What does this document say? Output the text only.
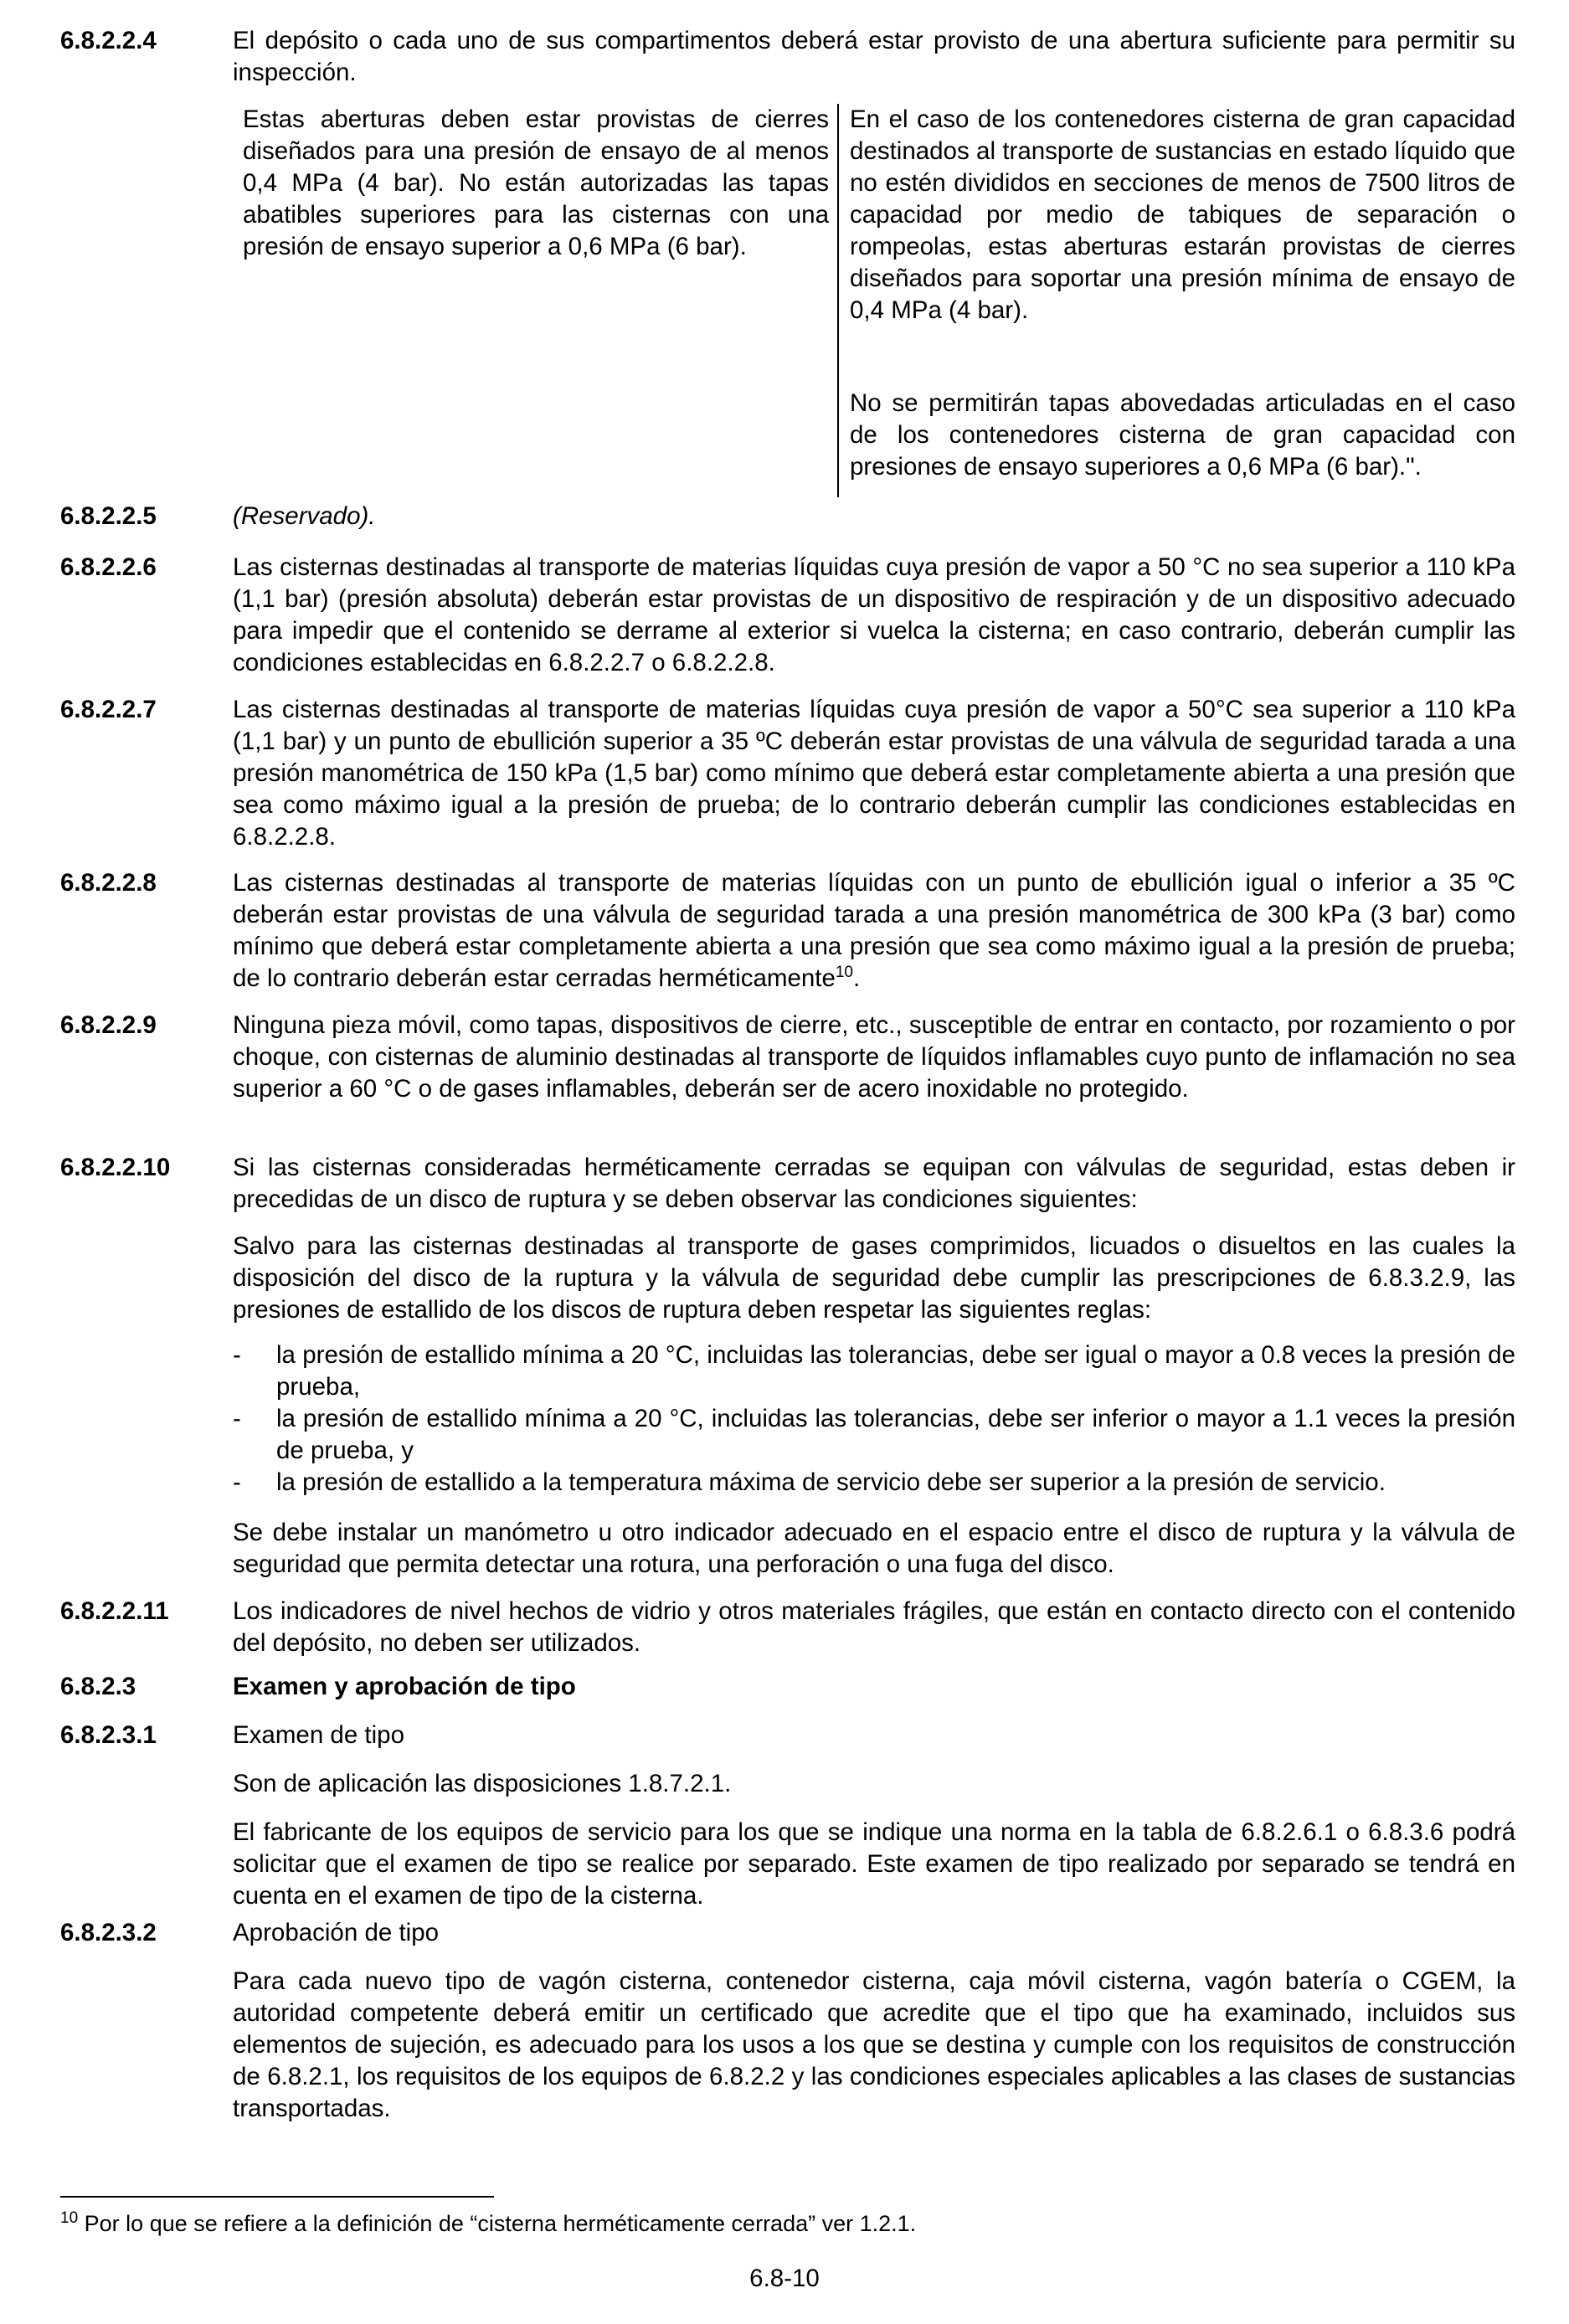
6.8.2.2.4	El depósito o cada uno de sus compartimentos deberá estar provisto de una abertura suficiente para permitir su inspección.
Estas aberturas deben estar provistas de cierres diseñados para una presión de ensayo de al menos 0,4 MPa (4 bar). No están autorizadas las tapas abatibles superiores para las cisternas con una presión de ensayo superior a 0,6 MPa (6 bar).
En el caso de los contenedores cisterna de gran capacidad destinados al transporte de sustancias en estado líquido que no estén divididos en secciones de menos de 7500 litros de capacidad por medio de tabiques de separación o rompeolas, estas aberturas estarán provistas de cierres diseñados para soportar una presión mínima de ensayo de 0,4 MPa (4 bar).
No se permitirán tapas abovedadas articuladas en el caso de los contenedores cisterna de gran capacidad con presiones de ensayo superiores a 0,6 MPa (6 bar).".
6.8.2.2.5	(Reservado).
6.8.2.2.6	Las cisternas destinadas al transporte de materias líquidas cuya presión de vapor a 50 °C no sea superior a 110 kPa (1,1 bar) (presión absoluta) deberán estar provistas de un dispositivo de respiración y de un dispositivo adecuado para impedir que el contenido se derrame al exterior si vuelca la cisterna; en caso contrario, deberán cumplir las condiciones establecidas en 6.8.2.2.7 o 6.8.2.2.8.
6.8.2.2.7	Las cisternas destinadas al transporte de materias líquidas cuya presión de vapor a 50°C sea superior a 110 kPa (1,1 bar) y un punto de ebullición superior a 35 ºC deberán estar provistas de una válvula de seguridad tarada a una presión manométrica de 150 kPa (1,5 bar) como mínimo que deberá estar completamente abierta a una presión que sea como máximo igual a la presión de prueba; de lo contrario deberán cumplir las condiciones establecidas en 6.8.2.2.8.
6.8.2.2.8	Las cisternas destinadas al transporte de materias líquidas con un punto de ebullición igual o inferior a 35 ºC deberán estar provistas de una válvula de seguridad tarada a una presión manométrica de 300 kPa (3 bar) como mínimo que deberá estar completamente abierta a una presión que sea como máximo igual a la presión de prueba; de lo contrario deberán estar cerradas herméticamente$^{10}$.
6.8.2.2.9	Ninguna pieza móvil, como tapas, dispositivos de cierre, etc., susceptible de entrar en contacto, por rozamiento o por choque, con cisternas de aluminio destinadas al transporte de líquidos inflamables cuyo punto de inflamación no sea superior a 60 °C o de gases inflamables, deberán ser de acero inoxidable no protegido.
6.8.2.2.10	Si las cisternas consideradas herméticamente cerradas se equipan con válvulas de seguridad, estas deben ir precedidas de un disco de ruptura y se deben observar las condiciones siguientes:
Salvo para las cisternas destinadas al transporte de gases comprimidos, licuados o disueltos en las cuales la disposición del disco de la ruptura y la válvula de seguridad debe cumplir las prescripciones de 6.8.3.2.9, las presiones de estallido de los discos de ruptura deben respetar las siguientes reglas:
- la presión de estallido mínima a 20 °C, incluidas las tolerancias, debe ser igual o mayor a 0.8 veces la presión de prueba,
- la presión de estallido mínima a 20 °C, incluidas las tolerancias, debe ser inferior o mayor a 1.1 veces la presión de prueba, y
- la presión de estallido a la temperatura máxima de servicio debe ser superior a la presión de servicio.
Se debe instalar un manómetro u otro indicador adecuado en el espacio entre el disco de ruptura y la válvula de seguridad que permita detectar una rotura, una perforación o una fuga del disco.
6.8.2.2.11	Los indicadores de nivel hechos de vidrio y otros materiales frágiles, que están en contacto directo con el contenido del depósito, no deben ser utilizados.
6.8.2.3	Examen y aprobación de tipo
6.8.2.3.1	Examen de tipo
Son de aplicación las disposiciones 1.8.7.2.1.
El fabricante de los equipos de servicio para los que se indique una norma en la tabla de 6.8.2.6.1 o 6.8.3.6 podrá solicitar que el examen de tipo se realice por separado. Este examen de tipo realizado por separado se tendrá en cuenta en el examen de tipo de la cisterna.
6.8.2.3.2	Aprobación de tipo
Para cada nuevo tipo de vagón cisterna, contenedor cisterna, caja móvil cisterna, vagón batería o CGEM, la autoridad competente deberá emitir un certificado que acredite que el tipo que ha examinado, incluidos sus elementos de sujeción, es adecuado para los usos a los que se destina y cumple con los requisitos de construcción de 6.8.2.1, los requisitos de los equipos de 6.8.2.2 y las condiciones especiales aplicables a las clases de sustancias transportadas.
$^{10}$ Por lo que se refiere a la definición de “cisterna herméticamente cerrada” ver 1.2.1.
6.8-10
